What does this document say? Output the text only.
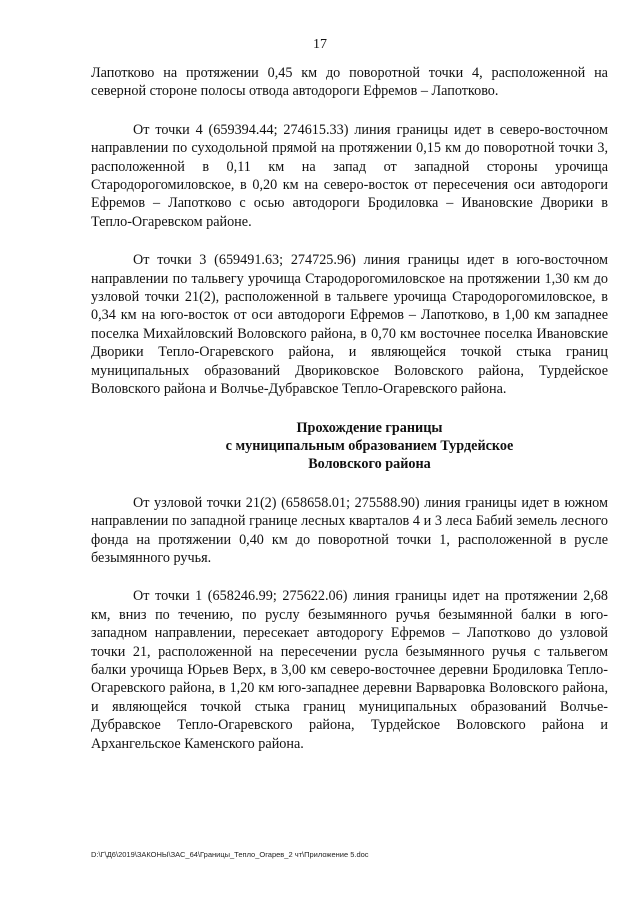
17

Лапотково на протяжении 0,45 км до поворотной точки 4, расположенной на северной стороне полосы отвода автодороги Ефремов – Лапотково.

От точки 4 (659394.44; 274615.33) линия границы идет в северо-восточном направлении по суходольной прямой на протяжении 0,15 км до поворотной точки 3, расположенной в 0,11 км на запад от западной стороны урочища Стародорогомиловское, в 0,20 км на северо-восток от пересечения оси автодороги Ефремов – Лапотково с осью автодороги Бродиловка – Ивановские Дворики в Тепло-Огаревском районе.

От точки 3 (659491.63; 274725.96) линия границы идет в юго-восточном направлении по тальвегу урочища Стародорогомиловское на протяжении 1,30 км до узловой точки 21(2), расположенной в тальвеге урочища Стародорогомиловское, в 0,34 км на юго-восток от оси автодороги Ефремов – Лапотково, в 1,00 км западнее поселка Михайловский Воловского района, в 0,70 км восточнее поселка Ивановские Дворики Тепло-Огаревского района, и являющейся точкой стыка границ муниципальных образований Двориковское Воловского района, Турдейское Воловского района и Волчье-Дубравское Тепло-Огаревского района.

Прохождение границы
с муниципальным образованием Турдейское
Воловского района

От узловой точки 21(2) (658658.01; 275588.90) линия границы идет в южном направлении по западной границе лесных кварталов 4 и 3 леса Бабий земель лесного фонда на протяжении 0,40 км до поворотной точки 1, расположенной в русле безымянного ручья.

От точки 1 (658246.99; 275622.06) линия границы идет на протяжении 2,68 км, вниз по течению, по руслу безымянного ручья безымянной балки в юго-западном направлении, пересекает автодорогу Ефремов – Лапотково до узловой точки 21, расположенной на пересечении русла безымянного ручья с тальвегом балки урочища Юрьев Верх, в 3,00 км северо-восточнее деревни Бродиловка Тепло-Огаревского района, в 1,20 км юго-западнее деревни Варваровка Воловского района, и являющейся точкой стыка границ муниципальных образований Волчье-Дубравское Тепло-Огаревского района, Турдейское Воловского района и Архангельское Каменского района.

D:\Г\Д6\2019\ЗАКОНЫ\ЗАС_64\Границы_Тепло_Огарев_2 чт\Приложение 5.doc
